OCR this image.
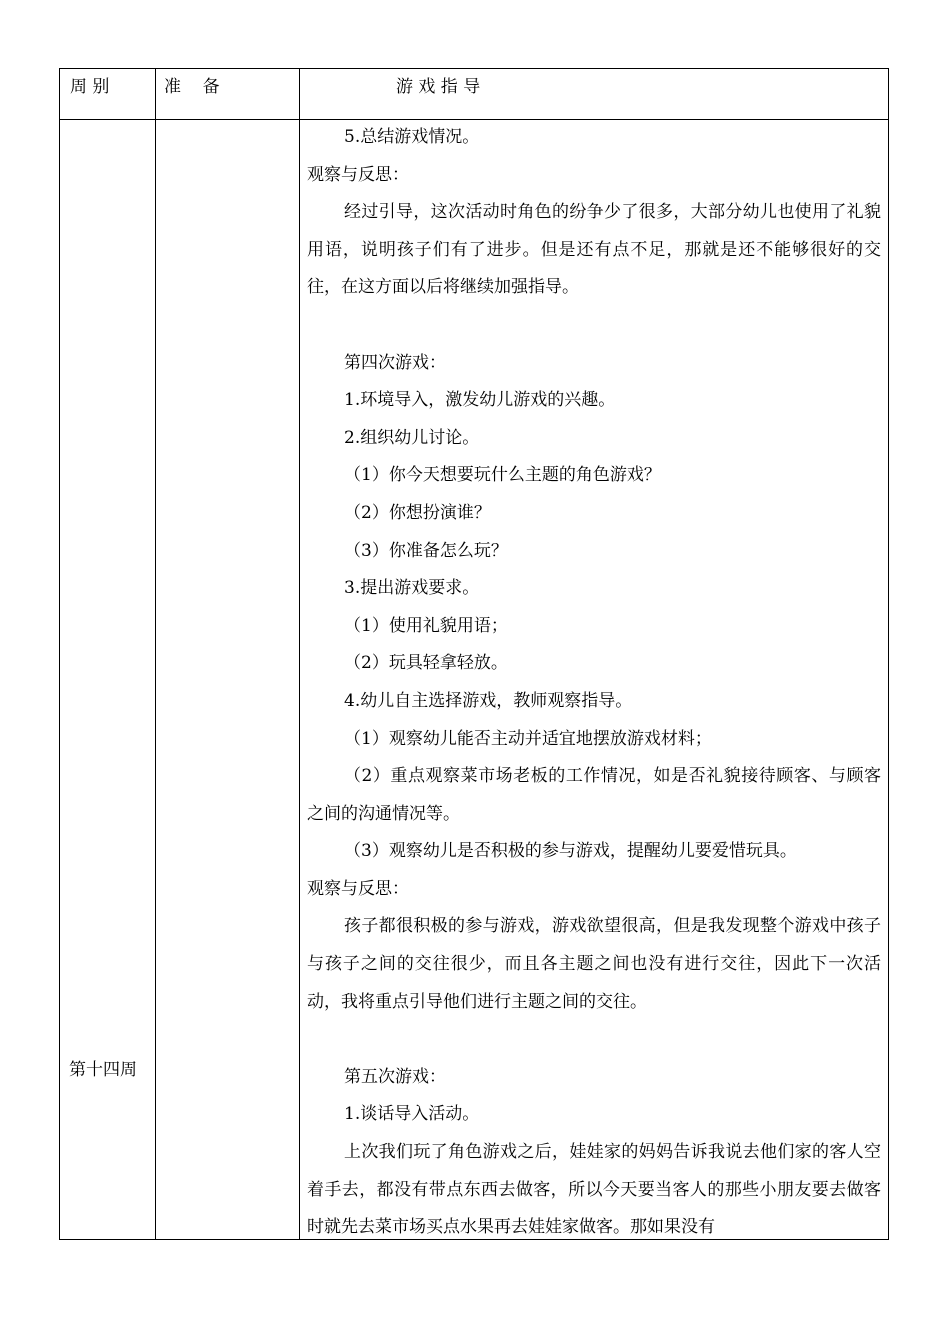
周 别	准    备	游 戏 指 导
第十四周

5.总结游戏情况。

观察与反思：

经过引导，这次活动时角色的纷争少了很多，大部分幼儿也使用了礼貌用语，说明孩子们有了进步。但是还有点不足，那就是还不能够很好的交往，在这方面以后将继续加强指导。

第四次游戏：

1.环境导入，激发幼儿游戏的兴趣。

2.组织幼儿讨论。

（1）你今天想要玩什么主题的角色游戏？

（2）你想扮演谁？

（3）你准备怎么玩？

3.提出游戏要求。

（1）使用礼貌用语；

（2）玩具轻拿轻放。

4.幼儿自主选择游戏，教师观察指导。

（1）观察幼儿能否主动并适宜地摆放游戏材料；

（2）重点观察菜市场老板的工作情况，如是否礼貌接待顾客、与顾客之间的沟通情况等。

（3）观察幼儿是否积极的参与游戏，提醒幼儿要爱惜玩具。

观察与反思：

孩子都很积极的参与游戏，游戏欲望很高，但是我发现整个游戏中孩子与孩子之间的交往很少，而且各主题之间也没有进行交往，因此下一次活动，我将重点引导他们进行主题之间的交往。

第五次游戏：

1.谈话导入活动。

上次我们玩了角色游戏之后，娃娃家的妈妈告诉我说去他们家的客人空着手去，都没有带点东西去做客，所以今天要当客人的那些小朋友要去做客时就先去菜市场买点水果再去娃娃家做客。那如果没有
